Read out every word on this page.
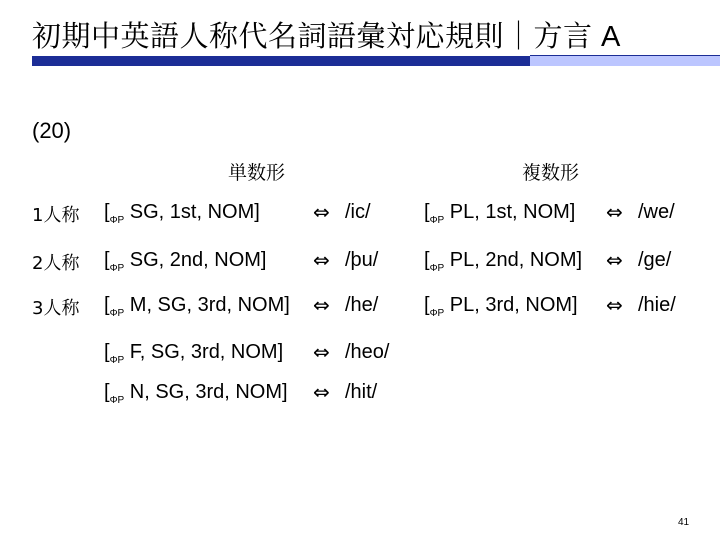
初期中英語人称代名詞語彙対応規則｜方言 A
(20)
単数形	複数形
1人称 [$_{\Phi P}$ SG, 1st, NOM]	⇔ /ic/	[$_{\Phi P}$ PL, 1st, NOM] ⇔ /we/
2人称 [$_{\Phi P}$ SG, 2nd, NOM] ⇔ /þu/ [$_{\Phi P}$ PL, 2nd, NOM] ⇔ /ge/
3人称 [$_{\Phi P}$ M, SG, 3rd, NOM] ⇔ /he/ [$_{\Phi P}$ PL, 3rd, NOM] ⇔ /hie/
[$_{\Phi P}$ F, SG, 3rd, NOM] ⇔ /heo/
[$_{\Phi P}$ N, SG, 3rd, NOM] ⇔ /hit/
41
